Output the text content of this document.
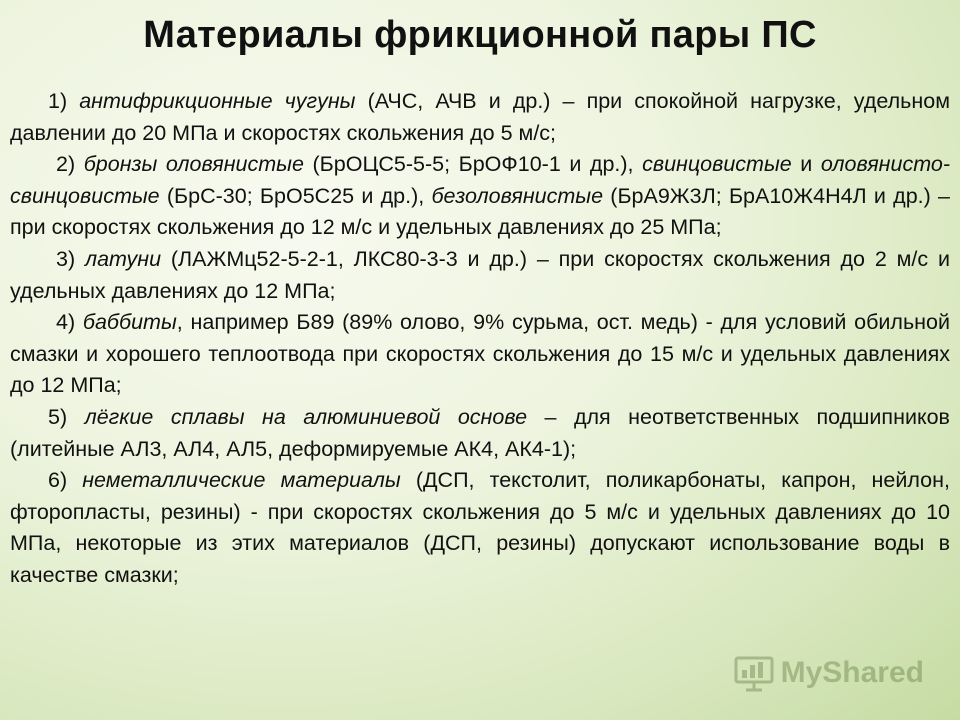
Материалы фрикционной пары ПС

1) антифрикционные чугуны (АЧС, АЧВ и др.) – при спокойной нагрузке, удельном давлении до 20 МПа и скоростях скольжения до 5 м/с;

2) бронзы оловянистые (БрОЦС5-5-5; БрОФ10-1 и др.), свинцовистые и оловянисто-свинцовистые (БрС-30; БрО5С25 и др.), безоловянистые (БрА9Ж3Л; БрА10Ж4Н4Л и др.) – при скоростях скольжения до 12 м/с и удельных давлениях до 25 МПа;

3) латуни (ЛАЖМц52-5-2-1, ЛКС80-3-3 и др.) – при скоростях скольжения до 2 м/с и удельных давлениях до 12 МПа;

4) баббиты, например Б89 (89% олово, 9% сурьма, ост. медь) - для условий обильной смазки и хорошего теплоотвода при скоростях скольжения до 15 м/с и удельных давлениях до 12 МПа;

5) лёгкие сплавы на алюминиевой основе – для неответственных подшипников (литейные АЛ3, АЛ4, АЛ5, деформируемые АК4, АК4-1);

6) неметаллические материалы (ДСП, текстолит, поликарбонаты, капрон, нейлон, фторопласты, резины) - при скоростях скольжения до 5 м/с и удельных давлениях до 10 МПа, некоторые из этих материалов (ДСП, резины) допускают использование воды в качестве смазки;

MyShared
